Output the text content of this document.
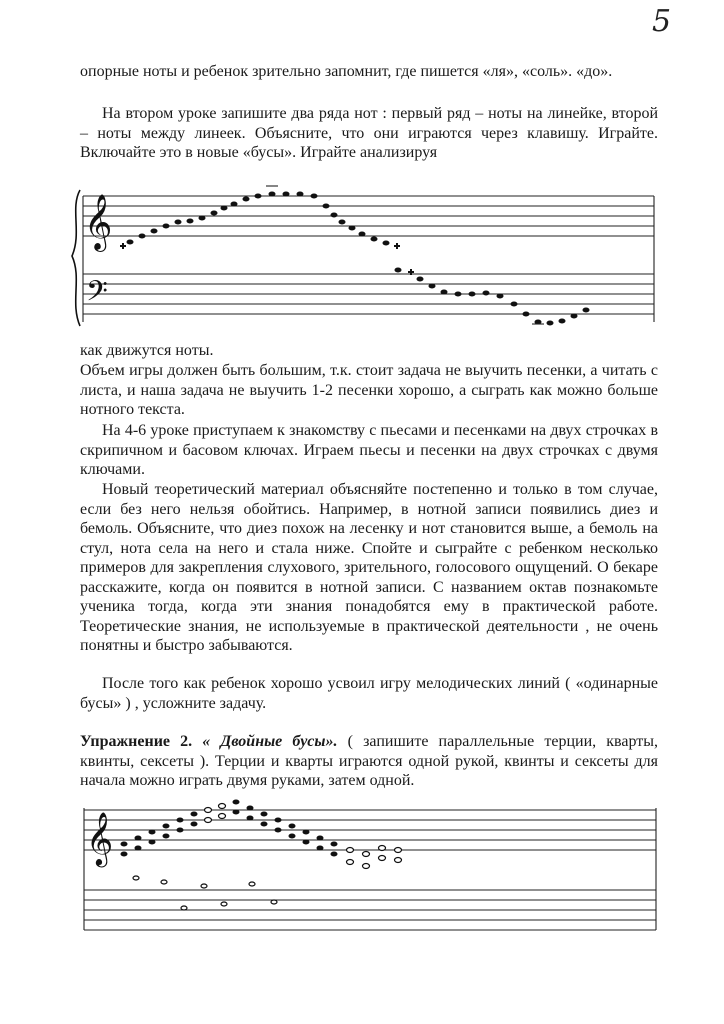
5

опорные ноты и ребенок зрительно запомнит, где пишется «ля», «соль». «до».

На втором уроке запишите два ряда нот : первый ряд – ноты на линейке, второй – ноты между линеек. Объясните, что они играются через клавишу. Играйте. Включайте это в новые «бусы». Играйте анализируя

𝄞
𝄢

как движутся ноты.

Объем игры должен быть большим, т.к. стоит задача не выучить песенки, а читать с листа, и наша задача не выучить 1-2 песенки хорошо, а сыграть как можно больше нотного текста.

На 4-6 уроке приступаем к знакомству с пьесами и песенками на двух строчках в скрипичном и басовом ключах. Играем пьесы и песенки на двух строчках с двумя ключами.

Новый теоретический материал объясняйте постепенно и только в том случае, если без него нельзя обойтись. Например, в нотной записи появились диез и бемоль. Объясните, что диез похож на лесенку и нот становится выше, а бемоль на стул, нота села на него и стала ниже. Спойте и сыграйте с ребенком несколько примеров для закрепления слухового, зрительного, голосового ощущений. О бекаре расскажите, когда он появится в нотной записи. С названием октав познакомьте ученика тогда, когда эти знания понадобятся ему в практической работе. Теоретические знания, не используемые в практической деятельности , не очень понятны и быстро забываются.

После того как ребенок хорошо усвоил игру мелодических линий ( «одинарные бусы» ) , усложните задачу.

Упражнение 2. « Двойные бусы». ( запишите параллельные терции, кварты, квинты, сексеты ). Терции и кварты играются одной рукой, квинты и сексеты для начала можно играть двумя руками, затем одной.

𝄞
